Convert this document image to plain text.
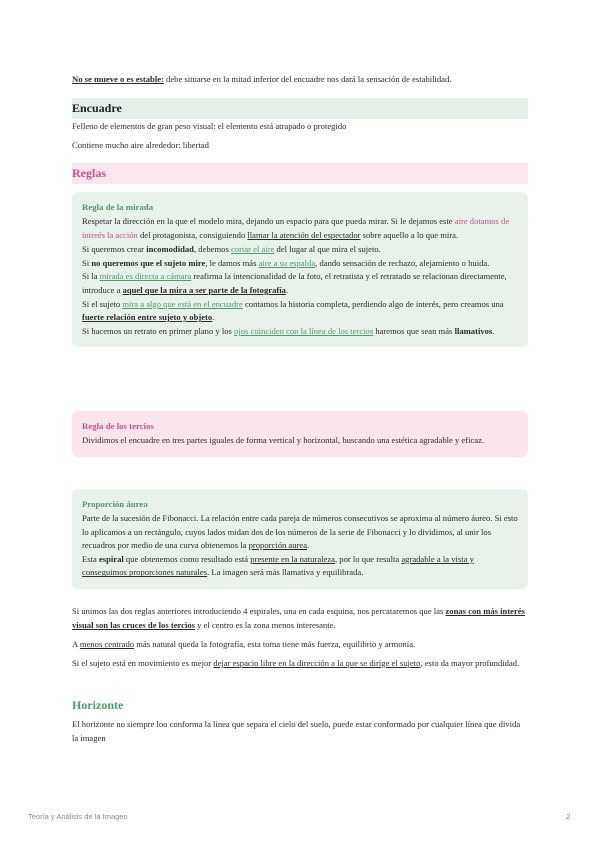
No se mueve o es estable: debe situarse en la mitad inferior del encuadre nos dará la sensación de estabilidad.

Encuadre

Felleno de elementos de gran peso visual: el elemento está atrapado o protegido

Contiene mucho aire alrededor: libertad

Reglas
Regla de la mirada

Respetar la dirección en la que el modelo mira, dejando un espacio para que pueda mirar. Si le dejamos este aire dotamos de interés la acción del protagonista, consiguiendo llamar la atención del espectador sobre aquello a lo que mira.

Si queremos crear incomodidad, debemos cortar el aire del lugar al que mira el sujeto.

Si no queremos que el sujeto mire, le damos más aire a su espalda, dando sensación de rechazo, alejamiento o huida.

Si la mirada es directa a cámara reafirma la intencionalidad de la foto, el retratista y el retratado se relacionan directamente, introduce a aquel que la mira a ser parte de la fotografía.

Si el sujeto mira a algo que está en el encuadre contamos la historia completa, perdiendo algo de interés, pero creamos una fuerte relación entre sujeto y objeto.

Si hacemos un retrato en primer plano y los ojos coinciden con la línea de los tercios haremos que sean más llamativos.

Regla de los tercios

Dividimos el encuadre en tres partes iguales de forma vertical y horizontal, buscando una estética agradable y eficaz.

Proporción áurea

Parte de la sucesión de Fibonacci. La relación entre cada pareja de números consecutivos se aproxima al número áureo. Si esto lo aplicamos a un rectángulo, cuyos lados midan dos de los números de la serie de Fibonacci y lo dividimos, al unir los recuadros por medio de una curva obtenemos la proporción aurea.

Esta espiral que obtenemos como resultado está presente en la naturaleza, por lo que resulta agradable a la vista y conseguimos proporciones naturales. La imagen será más llamativa y equilibrada.

Si unimos las dos reglas anteriores introduciendo 4 espirales, una en cada esquina, nos percataremos que las zonas con más interés visual son las cruces de los tercios y el centro es la zona menos interesante.

A menos centrado más natural queda la fotografía, esta toma tiene más fuerza, equilibrio y armonía.

Si el sujeto está en movimiento es mejor dejar espacio libre en la dirección a la que se dirige el sujeto, esto da mayor profundidad.

Horizonte

El horizonte no siempre loo conforma la línea que separa el cielo del suelo, puede estar conformado por cualquier línea que divida la imagen

Teoría y Análisis de la Imagen	2
